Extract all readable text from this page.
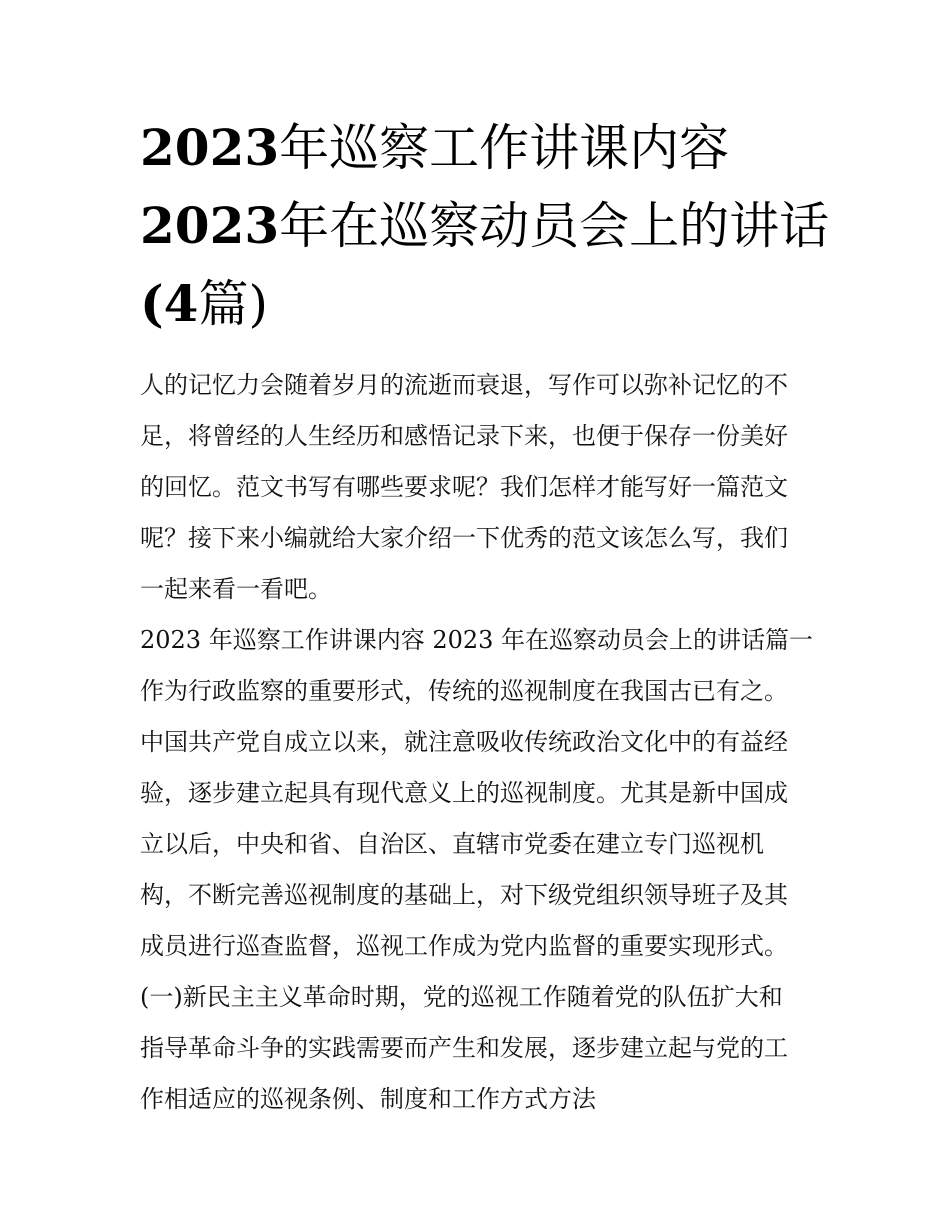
2023年巡察工作讲课内容
2023年在巡察动员会上的讲话
(4篇)
人的记忆力会随着岁月的流逝而衰退，写作可以弥补记忆的不
足，将曾经的人生经历和感悟记录下来，也便于保存一份美好
的回忆。范文书写有哪些要求呢？我们怎样才能写好一篇范文
呢？接下来小编就给大家介绍一下优秀的范文该怎么写，我们
一起来看一看吧。
2023 年巡察工作讲课内容 2023 年在巡察动员会上的讲话篇一
作为行政监察的重要形式，传统的巡视制度在我国古已有之。
中国共产党自成立以来，就注意吸收传统政治文化中的有益经
验，逐步建立起具有现代意义上的巡视制度。尤其是新中国成
立以后，中央和省、自治区、直辖市党委在建立专门巡视机
构，不断完善巡视制度的基础上，对下级党组织领导班子及其
成员进行巡查监督，巡视工作成为党内监督的重要实现形式。
(一)新民主主义革命时期，党的巡视工作随着党的队伍扩大和
指导革命斗争的实践需要而产生和发展，逐步建立起与党的工
作相适应的巡视条例、制度和工作方式方法
